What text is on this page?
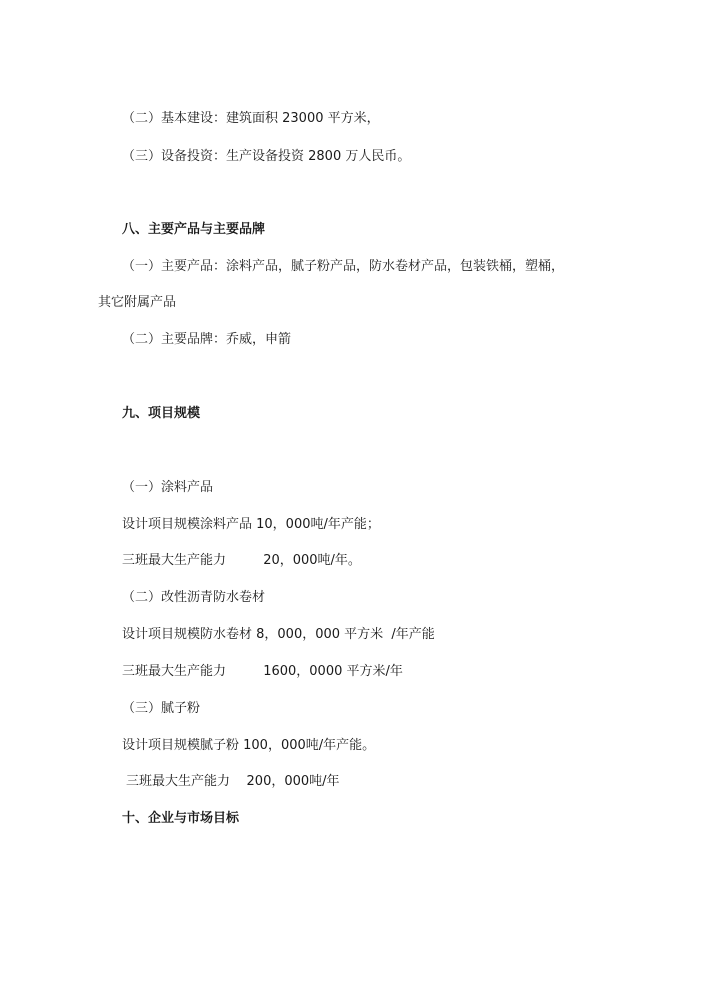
（二）基本建设：建筑面积 23000 平方米，
（三）设备投资：生产设备投资 2800 万人民币。
八、主要产品与主要品牌
（一）主要产品：涂料产品，腻子粉产品，防水卷材产品，包装铁桶，塑桶，
其它附属产品
（二）主要品牌：乔威，申箭
九、项目规模
（一）涂料产品
设计项目规模涂料产品 10，000吨/年产能；
三班最大生产能力         20，000吨/年。
（二）改性沥青防水卷材
设计项目规模防水卷材 8，000，000 平方米  /年产能
三班最大生产能力         1600，0000 平方米/年
（三）腻子粉
设计项目规模腻子粉 100，000吨/年产能。
三班最大生产能力    200，000吨/年
十、企业与市场目标
